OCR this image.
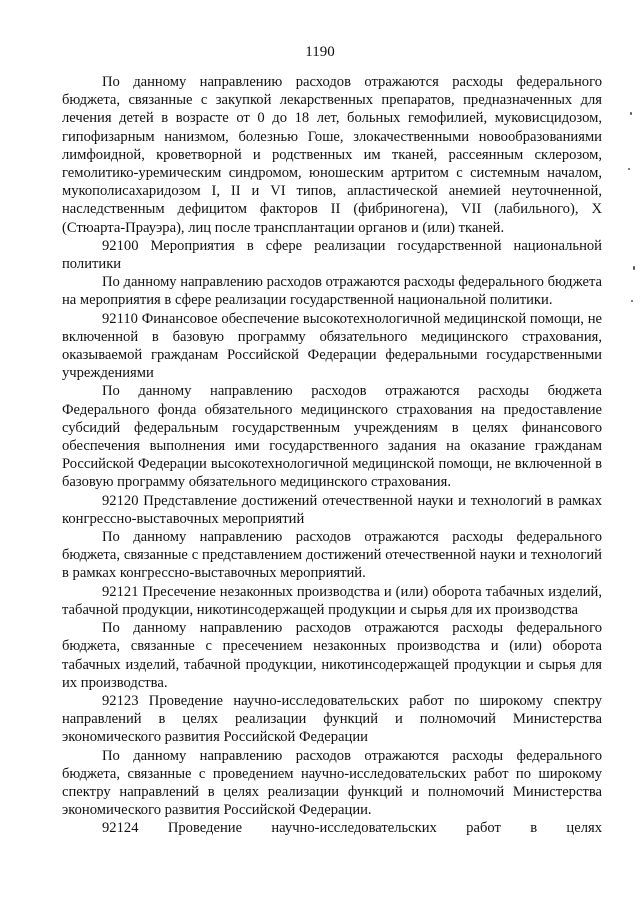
1190

По данному направлению расходов отражаются расходы федерального бюджета, связанные с закупкой лекарственных препаратов, предназначенных для лечения детей в возрасте от 0 до 18 лет, больных гемофилией, муковисцидозом, гипофизарным нанизмом, болезнью Гоше, злокачественными новообразованиями лимфоидной, кроветворной и родственных им тканей, рассеянным склерозом, гемолитико-уремическим синдромом, юношеским артритом с системным началом, мукополисахаридозом I, II и VI типов, апластической анемией неуточненной, наследственным дефицитом факторов II (фибриногена), VII (лабильного), X (Стюарта-Прауэра), лиц после трансплантации органов и (или) тканей.

92100 Мероприятия в сфере реализации государственной национальной политики

По данному направлению расходов отражаются расходы федерального бюджета на мероприятия в сфере реализации государственной национальной политики.

92110 Финансовое обеспечение высокотехнологичной медицинской помощи, не включенной в базовую программу обязательного медицинского страхования, оказываемой гражданам Российской Федерации федеральными государственными учреждениями

По данному направлению расходов отражаются расходы бюджета Федерального фонда обязательного медицинского страхования на предоставление субсидий федеральным государственным учреждениям в целях финансового обеспечения выполнения ими государственного задания на оказание гражданам Российской Федерации высокотехнологичной медицинской помощи, не включенной в базовую программу обязательного медицинского страхования.

92120 Представление достижений отечественной науки и технологий в рамках конгрессно-выставочных мероприятий

По данному направлению расходов отражаются расходы федерального бюджета, связанные с представлением достижений отечественной науки и технологий в рамках конгрессно-выставочных мероприятий.

92121 Пресечение незаконных производства и (или) оборота табачных изделий, табачной продукции, никотинсодержащей продукции и сырья для их производства

По данному направлению расходов отражаются расходы федерального бюджета, связанные с пресечением незаконных производства и (или) оборота табачных изделий, табачной продукции, никотинсодержащей продукции и сырья для их производства.

92123 Проведение научно-исследовательских работ по широкому спектру направлений в целях реализации функций и полномочий Министерства экономического развития Российской Федерации

По данному направлению расходов отражаются расходы федерального бюджета, связанные с проведением научно-исследовательских работ по широкому спектру направлений в целях реализации функций и полномочий Министерства экономического развития Российской Федерации.

92124 Проведение научно-исследовательских работ в целях
